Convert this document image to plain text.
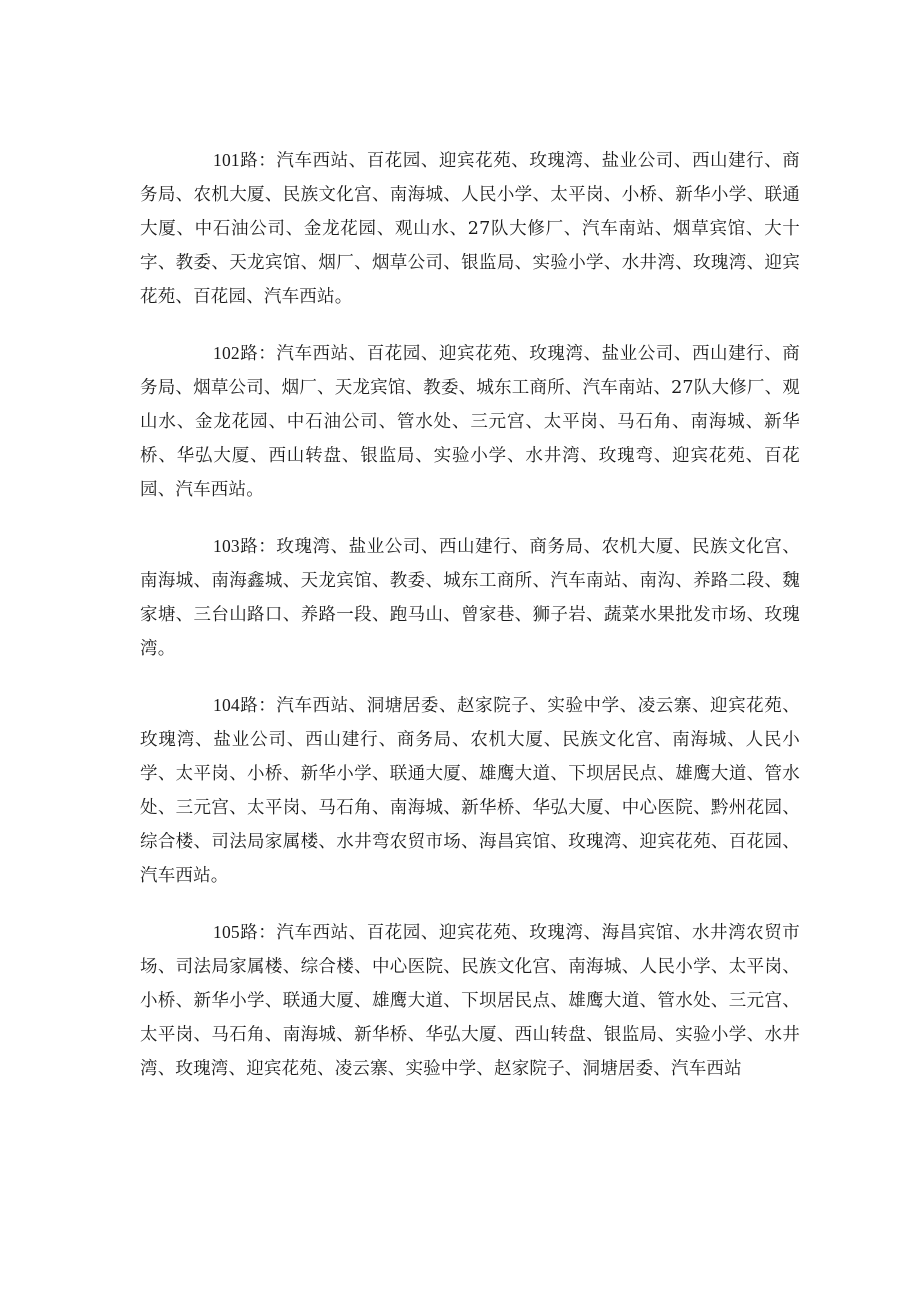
101路：汽车西站、百花园、迎宾花苑、玫瑰湾、盐业公司、西山建行、商务局、农机大厦、民族文化宫、南海城、人民小学、太平岗、小桥、新华小学、联通大厦、中石油公司、金龙花园、观山水、27队大修厂、汽车南站、烟草宾馆、大十字、教委、天龙宾馆、烟厂、烟草公司、银监局、实验小学、水井湾、玫瑰湾、迎宾花苑、百花园、汽车西站。

102路：汽车西站、百花园、迎宾花苑、玫瑰湾、盐业公司、西山建行、商务局、烟草公司、烟厂、天龙宾馆、教委、城东工商所、汽车南站、27队大修厂、观山水、金龙花园、中石油公司、管水处、三元宫、太平岗、马石角、南海城、新华桥、华弘大厦、西山转盘、银监局、实验小学、水井湾、玫瑰弯、迎宾花苑、百花园、汽车西站。

103路：玫瑰湾、盐业公司、西山建行、商务局、农机大厦、民族文化宫、南海城、南海鑫城、天龙宾馆、教委、城东工商所、汽车南站、南沟、养路二段、魏家塘、三台山路口、养路一段、跑马山、曾家巷、狮子岩、蔬菜水果批发市场、玫瑰湾。

104路：汽车西站、洞塘居委、赵家院子、实验中学、凌云寨、迎宾花苑、玫瑰湾、盐业公司、西山建行、商务局、农机大厦、民族文化宫、南海城、人民小学、太平岗、小桥、新华小学、联通大厦、雄鹰大道、下坝居民点、雄鹰大道、管水处、三元宫、太平岗、马石角、南海城、新华桥、华弘大厦、中心医院、黔州花园、综合楼、司法局家属楼、水井弯农贸市场、海昌宾馆、玫瑰湾、迎宾花苑、百花园、汽车西站。

105路：汽车西站、百花园、迎宾花苑、玫瑰湾、海昌宾馆、水井湾农贸市场、司法局家属楼、综合楼、中心医院、民族文化宫、南海城、人民小学、太平岗、小桥、新华小学、联通大厦、雄鹰大道、下坝居民点、雄鹰大道、管水处、三元宫、太平岗、马石角、南海城、新华桥、华弘大厦、西山转盘、银监局、实验小学、水井湾、玫瑰湾、迎宾花苑、凌云寨、实验中学、赵家院子、洞塘居委、汽车西站
